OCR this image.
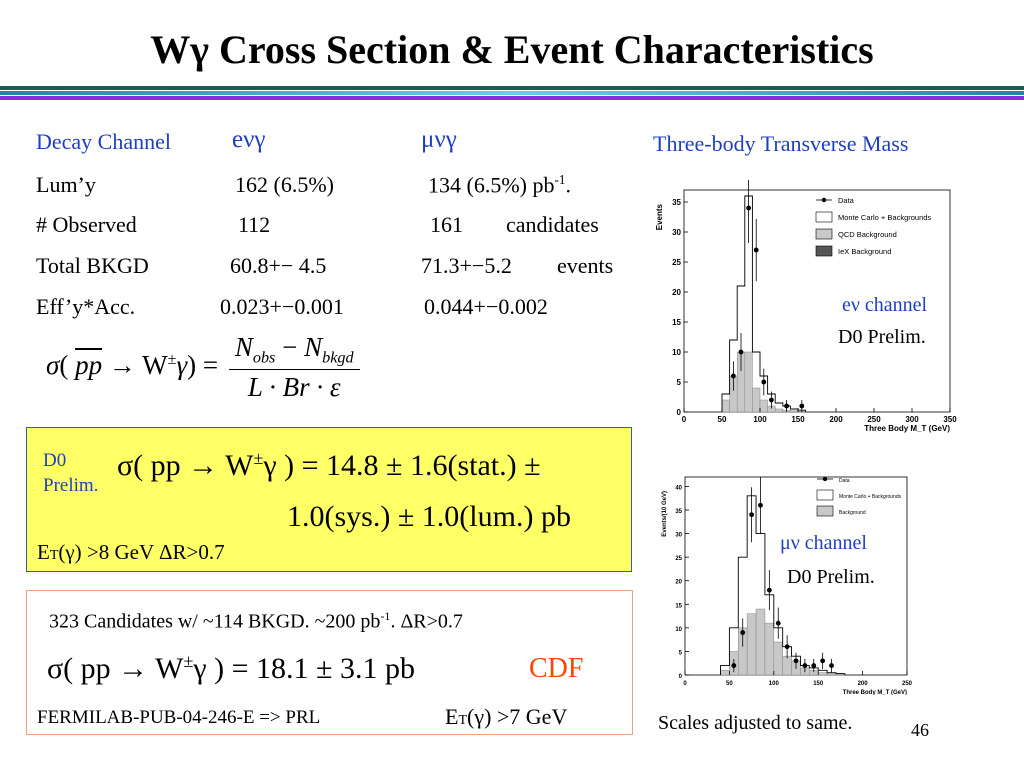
Wγ Cross Section & Event Characteristics
Decay Channel eνγ	μνγ
Lum’y	162 (6.5%)	134 (6.5%) $pb^{-1}$.
# Observed	112	161 candidates
Total BKGD	60.8+− 4.5	71.3+−5.2 events
Eff’y*Acc.	0.023+−0.001	0.044+−0.002
σ( $\overline{pp} \to W^\pm\gamma) = \frac{N_{obs} - N_{bkgd}}{L \cdot Br \cdot \varepsilon}$
D0
Prelim.
σ( pp → W±γ ) = 14.8 ± 1.6(stat.) ±
1.0(sys.) ± 1.0(lum.) pb
ET(γ) >8 GeV ΔR>0.7
323 Candidates w/ ~114 BKGD. ~200 $pb^{-1}$. ΔR>0.7
σ( pp → W±γ ) = 18.1 ± 3.1 pb	CDF
FERMILAB-PUB-04-246-E => PRL	ET(γ) >7 GeV
Three-body Transverse Mass
0	50	100	150	200	250	300	350
0
5
10
15
20
25
30
35
Three Body M_T (GeV)
Events
Data
Monte Carlo + Backgrounds
QCD Background
IeX Background
0	50	100	150	200	250
0
5
10
15
20
25
30
35
40
Three Body M_T (GeV)
Events/(10 GeV)
Data
Monte Carlo + Backgrounds
Background
eν channel
D0 Prelim.
μν channel
D0 Prelim.
Scales adjusted to same.	46
